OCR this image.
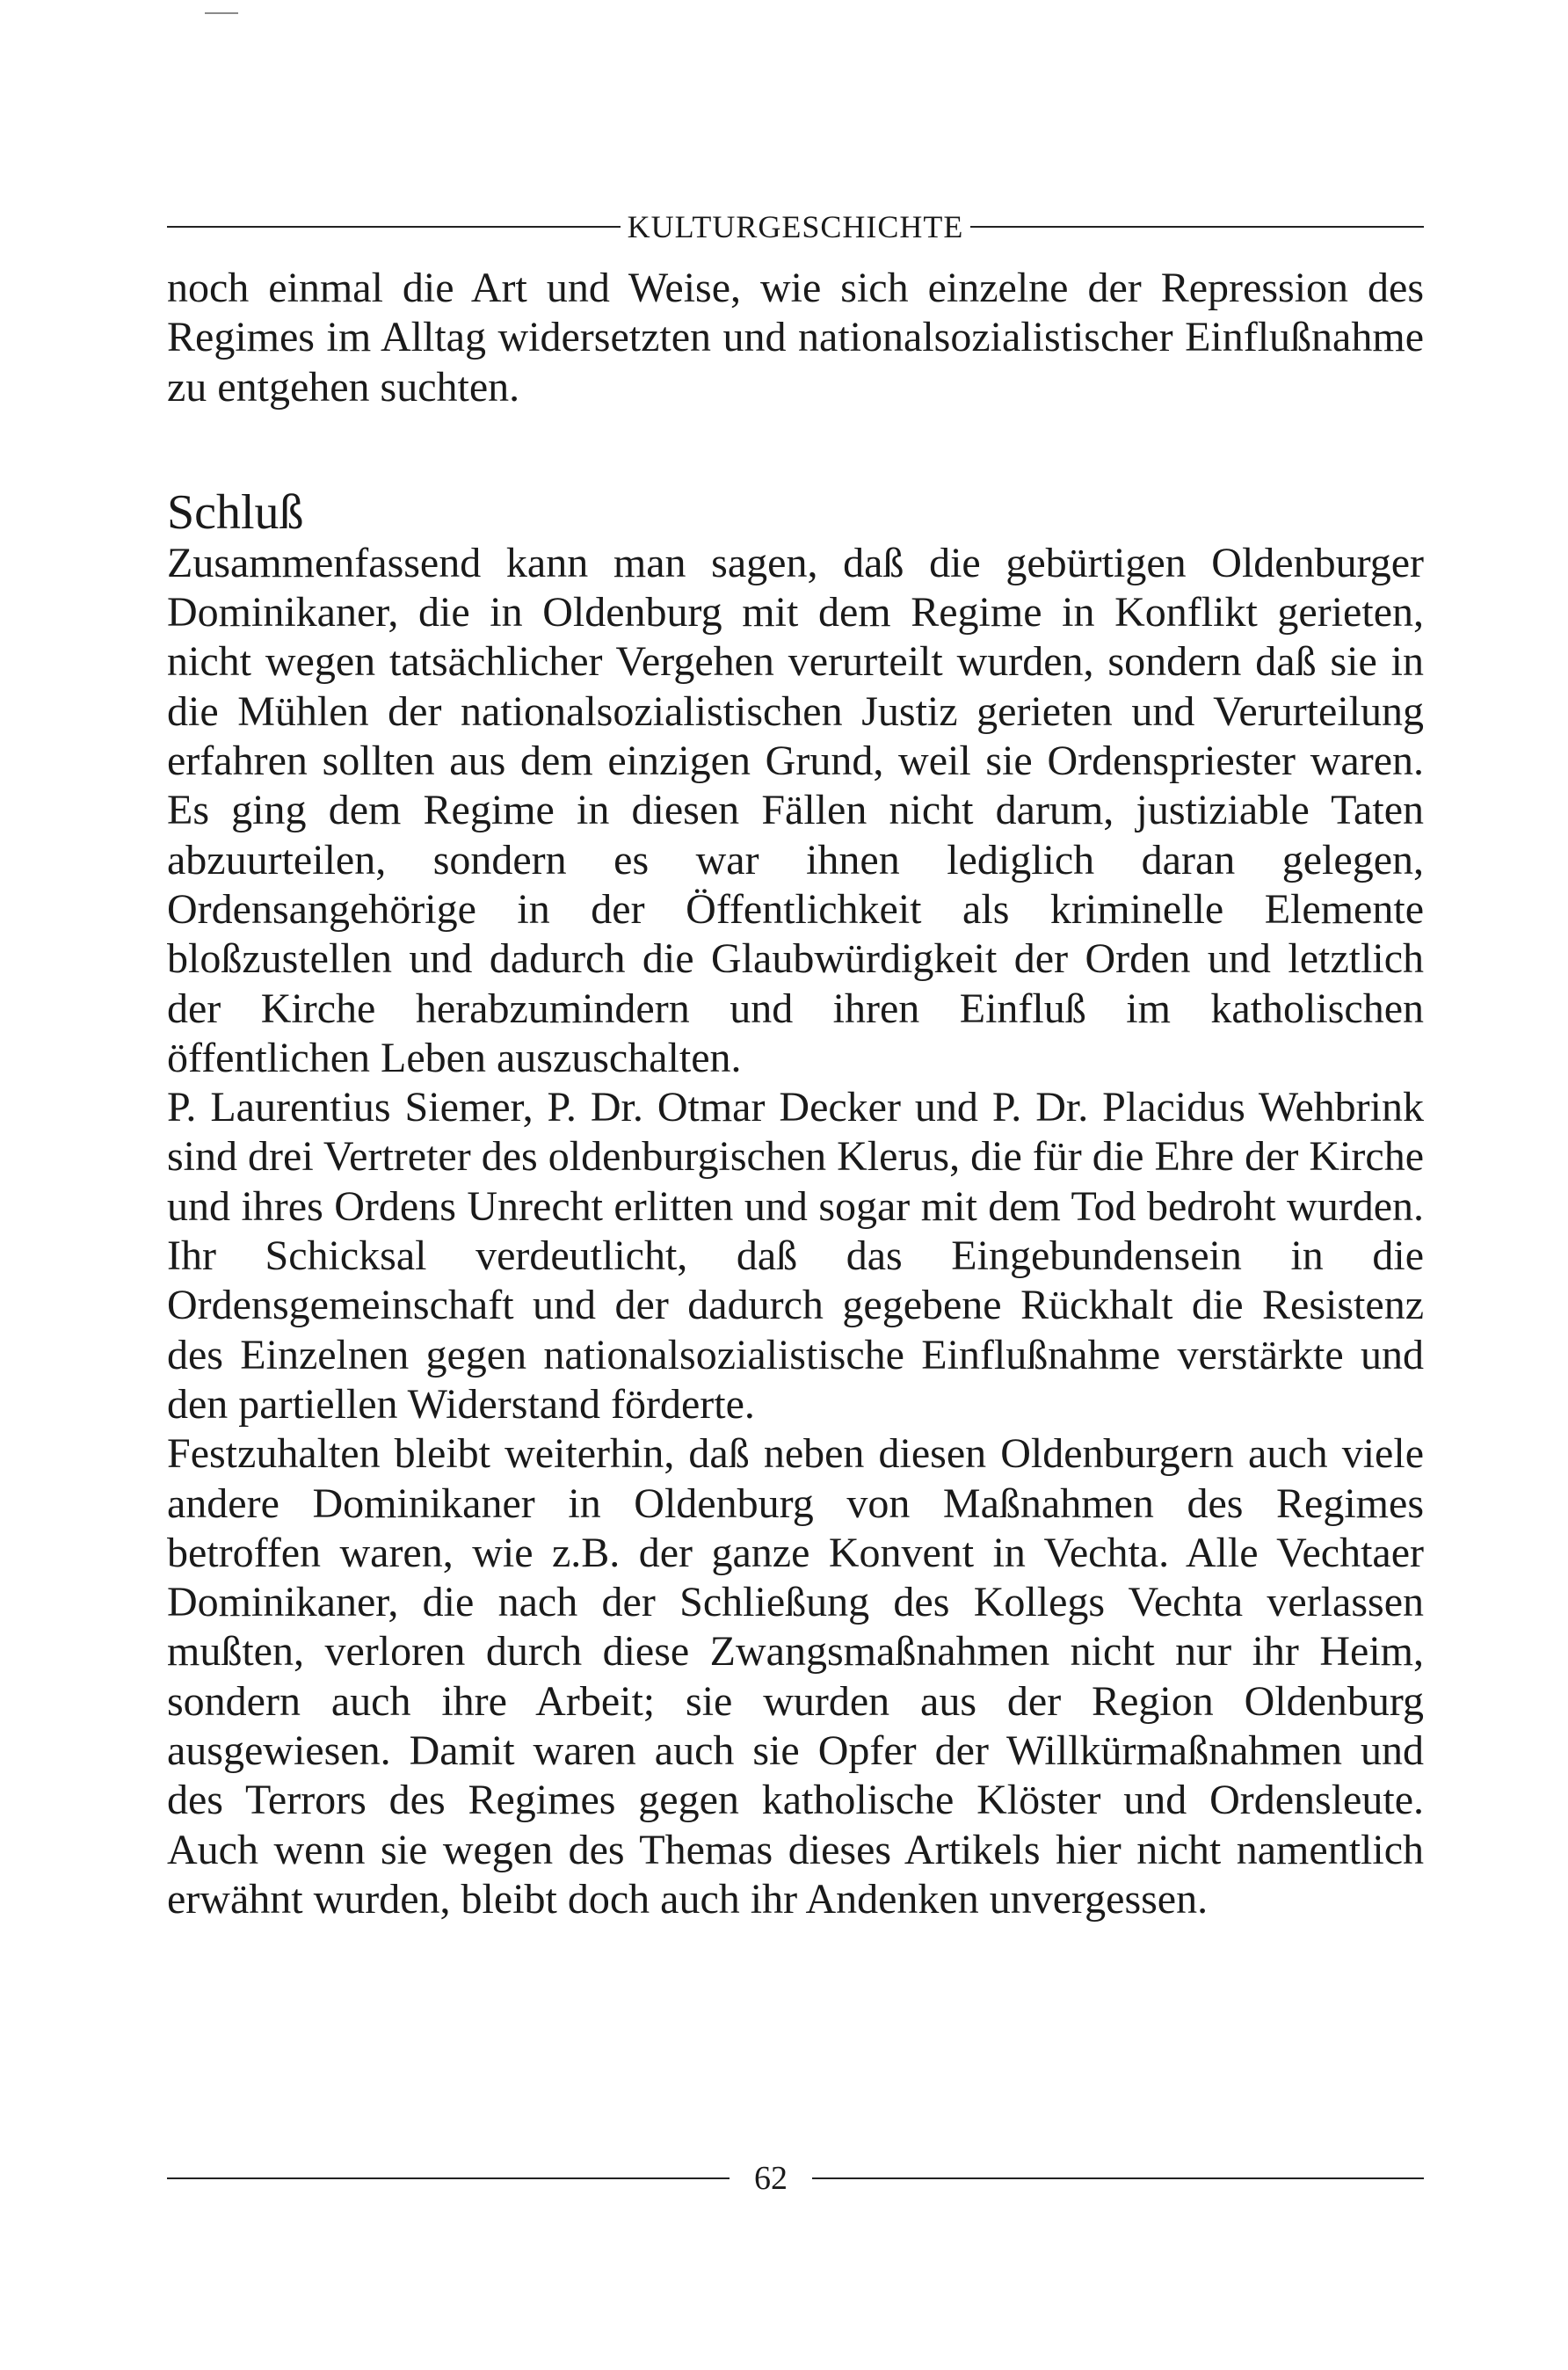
KULTURGESCHICHTE

noch einmal die Art und Weise, wie sich einzelne der Repression des Regimes im Alltag widersetzten und nationalsozialistischer Einflußnahme zu entgehen suchten.

Schluß

Zusammenfassend kann man sagen, daß die gebürtigen Oldenburger Dominikaner, die in Oldenburg mit dem Regime in Konflikt gerieten, nicht wegen tatsächlicher Vergehen verurteilt wurden, sondern daß sie in die Mühlen der nationalsozialistischen Justiz gerieten und Verurteilung erfahren sollten aus dem einzigen Grund, weil sie Ordenspriester waren. Es ging dem Regime in diesen Fällen nicht darum, justiziable Taten abzuurteilen, sondern es war ihnen lediglich daran gelegen, Ordensangehörige in der Öffentlichkeit als kriminelle Elemente bloßzustellen und dadurch die Glaubwürdigkeit der Orden und letztlich der Kirche herabzumindern und ihren Einfluß im katholischen öffentlichen Leben auszuschalten.

P. Laurentius Siemer, P. Dr. Otmar Decker und P. Dr. Placidus Wehbrink sind drei Vertreter des oldenburgischen Klerus, die für die Ehre der Kirche und ihres Ordens Unrecht erlitten und sogar mit dem Tod bedroht wurden. Ihr Schicksal verdeutlicht, daß das Eingebundensein in die Ordensgemeinschaft und der dadurch gegebene Rückhalt die Resistenz des Einzelnen gegen nationalsozialistische Einflußnahme verstärkte und den partiellen Widerstand förderte.

Festzuhalten bleibt weiterhin, daß neben diesen Oldenburgern auch viele andere Dominikaner in Oldenburg von Maßnahmen des Regimes betroffen waren, wie z.B. der ganze Konvent in Vechta. Alle Vechtaer Dominikaner, die nach der Schließung des Kollegs Vechta verlassen mußten, verloren durch diese Zwangsmaßnahmen nicht nur ihr Heim, sondern auch ihre Arbeit; sie wurden aus der Region Oldenburg ausgewiesen. Damit waren auch sie Opfer der Willkürmaßnahmen und des Terrors des Regimes gegen katholische Klöster und Ordensleute. Auch wenn sie wegen des Themas dieses Artikels hier nicht namentlich erwähnt wurden, bleibt doch auch ihr Andenken unvergessen.

62
